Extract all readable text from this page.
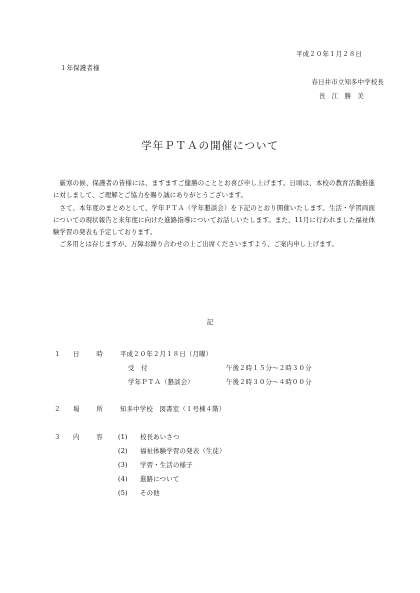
平成２０年１月２８日
１年保護者様
春日井市立知多中学校長
長 江 勝 美
学年ＰＴＡの開催について

厳寒の候、保護者の皆様には、ますますご健勝のこととお喜び申し上げます。日頃は、本校の教育活動推進に対しまして、ご理解とご協力を賜り誠にありがとうございます。

さて、本年度のまとめとして、学年ＰＴＡ（学年懇談会）を下記のとおり開催いたします。生活・学習両面についての現状報告と来年度に向けた進路指導についてお話しいたします。また、11月に行われました福祉体験学習の発表も予定しております。

ご多用とは存じますが、万障お繰り合わせの上ご出席くださいますよう、ご案内申し上げます。

記
１ 日時 平成２０年２月１８日（月曜）
受　付	午後２時１５分～２時３０分
学年ＰＴＡ（懇談会）	午後２時３０分～４時００分
２ 場所 知多中学校　図書室（１号棟４階）
３ 内容
(1) 校長あいさつ
(2) 福祉体験学習の発表（生徒）
(3) 学習・生活の様子
(4) 進路について
(5) その他
